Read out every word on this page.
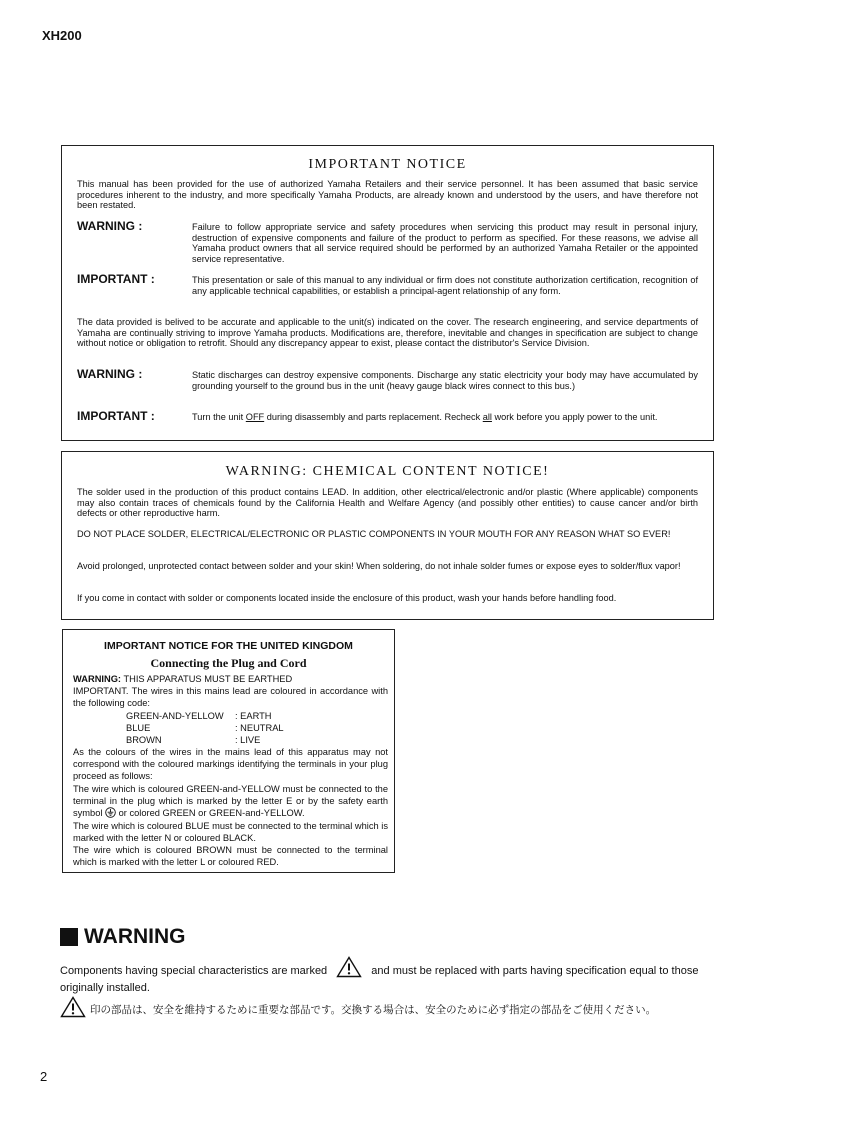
XH200
IMPORTANT NOTICE
This manual has been provided for the use of authorized Yamaha Retailers and their service personnel. It has been assumed that basic service procedures inherent to the industry, and more specifically Yamaha Products, are already known and understood by the users, and have therefore not been restated.
WARNING :	Failure to follow appropriate service and safety procedures when servicing this product may result in personal injury, destruction of expensive components and failure of the product to perform as specified. For these reasons, we advise all Yamaha product owners that all service required should be performed by an authorized Yamaha Retailer or the appointed service representative.
IMPORTANT :	This presentation or sale of this manual to any individual or firm does not constitute authorization certification, recognition of any applicable technical capabilities, or establish a principal-agent relationship of any form.
The data provided is belived to be accurate and applicable to the unit(s) indicated on the cover. The research engineering, and service departments of Yamaha are continually striving to improve Yamaha products. Modifications are, therefore, inevitable and changes in specification are subject to change without notice or obligation to retrofit. Should any discrepancy appear to exist, please contact the distributor's Service Division.
WARNING :	Static discharges can destroy expensive components. Discharge any static electricity your body may have accumulated by grounding yourself to the ground bus in the unit (heavy gauge black wires connect to this bus.)
IMPORTANT :	Turn the unit OFF during disassembly and parts replacement. Recheck all work before you apply power to the unit.
WARNING: CHEMICAL CONTENT NOTICE!
The solder used in the production of this product contains LEAD. In addition, other electrical/electronic and/or plastic (Where applicable) components may also contain traces of chemicals found by the California Health and Welfare Agency (and possibly other entities) to cause cancer and/or birth defects or other reproductive harm.
DO NOT PLACE SOLDER, ELECTRICAL/ELECTRONIC OR PLASTIC COMPONENTS IN YOUR MOUTH FOR ANY REASON WHAT SO EVER!
Avoid prolonged, unprotected contact between solder and your skin! When soldering, do not inhale solder fumes or expose eyes to solder/flux vapor!
If you come in contact with solder or components located inside the enclosure of this product, wash your hands before handling food.
IMPORTANT NOTICE FOR THE UNITED KINGDOM
Connecting the Plug and Cord
WARNING: THIS APPARATUS MUST BE EARTHED
IMPORTANT. The wires in this mains lead are coloured in accordance with the following code:
GREEN-AND-YELLOW : EARTH
BLUE	: NEUTRAL
BROWN	: LIVE
As the colours of the wires in the mains lead of this apparatus may not correspond with the coloured markings identifying the terminals in your plug proceed as follows:
The wire which is coloured GREEN-and-YELLOW must be connected to the terminal in the plug which is marked by the letter E or by the safety earth symbol  or colored GREEN or GREEN-and-YELLOW.
The wire which is coloured BLUE must be connected to the terminal which is marked with the letter N or coloured BLACK.
The wire which is coloured BROWN must be connected to the terminal which is marked with the letter L or coloured RED.
WARNING
Components having special characteristics are marked	and must be replaced with parts having specification equal to those originally installed.
印の部品は、安全を維持するために重要な部品です。交換する場合は、安全のために必ず指定の部品をご使用ください。
2
